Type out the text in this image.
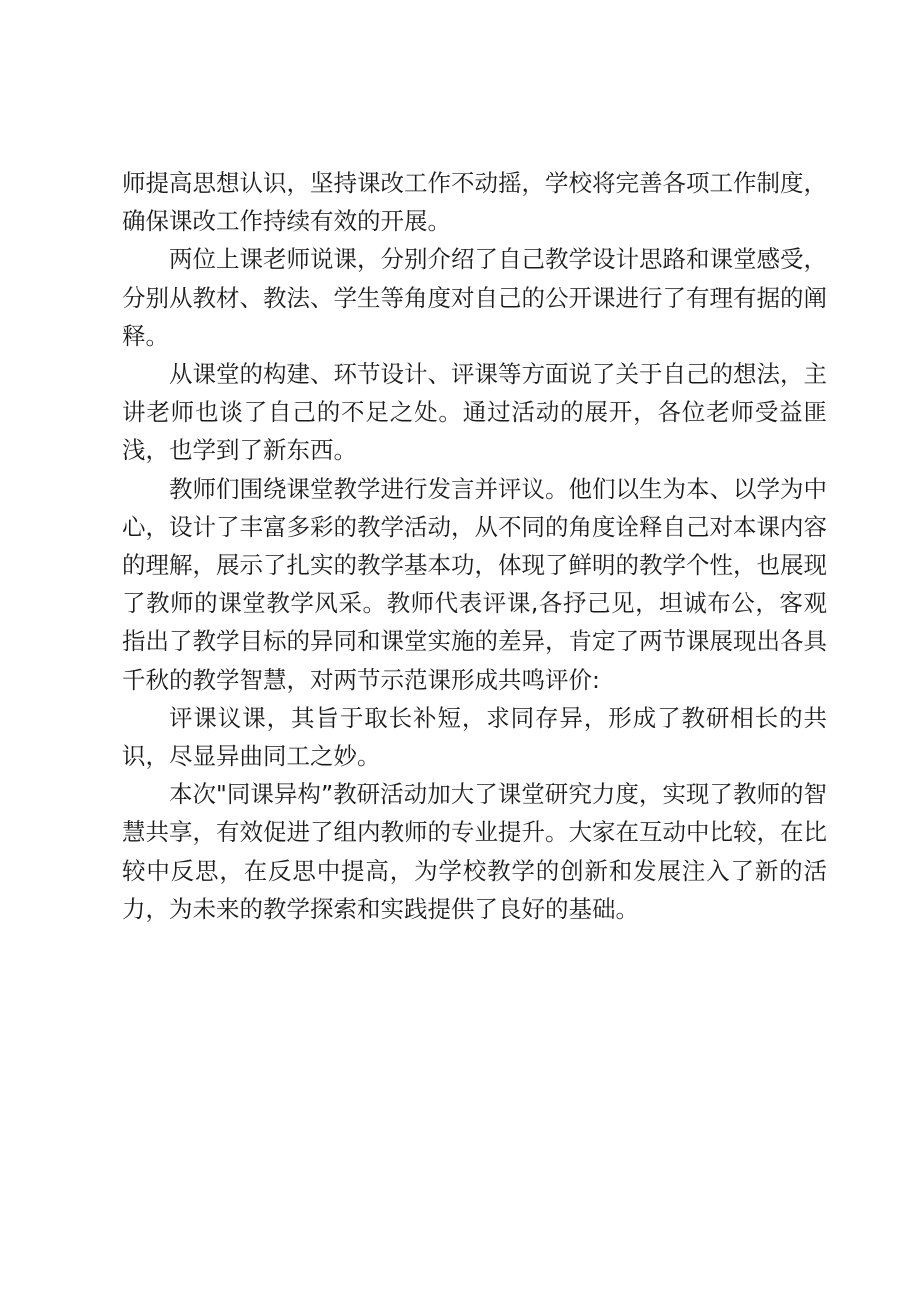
师提高思想认识，坚持课改工作不动摇，学校将完善各项工作制度，确保课改工作持续有效的开展。

两位上课老师说课，分别介绍了自己教学设计思路和课堂感受，分别从教材、教法、学生等角度对自己的公开课进行了有理有据的阐释。

从课堂的构建、环节设计、评课等方面说了关于自己的想法，主讲老师也谈了自己的不足之处。通过活动的展开，各位老师受益匪浅，也学到了新东西。

教师们围绕课堂教学进行发言并评议。他们以生为本、以学为中心，设计了丰富多彩的教学活动，从不同的角度诠释自己对本课内容的理解，展示了扎实的教学基本功，体现了鲜明的教学个性，也展现了教师的课堂教学风采。教师代表评课,各抒己见，坦诚布公，客观指出了教学目标的异同和课堂实施的差异，肯定了两节课展现出各具千秋的教学智慧，对两节示范课形成共鸣评价:

评课议课，其旨于取长补短，求同存异，形成了教研相长的共识，尽显异曲同工之妙。

本次"同课异构”教研活动加大了课堂研究力度，实现了教师的智慧共享，有效促进了组内教师的专业提升。大家在互动中比较，在比较中反思，在反思中提高，为学校教学的创新和发展注入了新的活力，为未来的教学探索和实践提供了良好的基础。
